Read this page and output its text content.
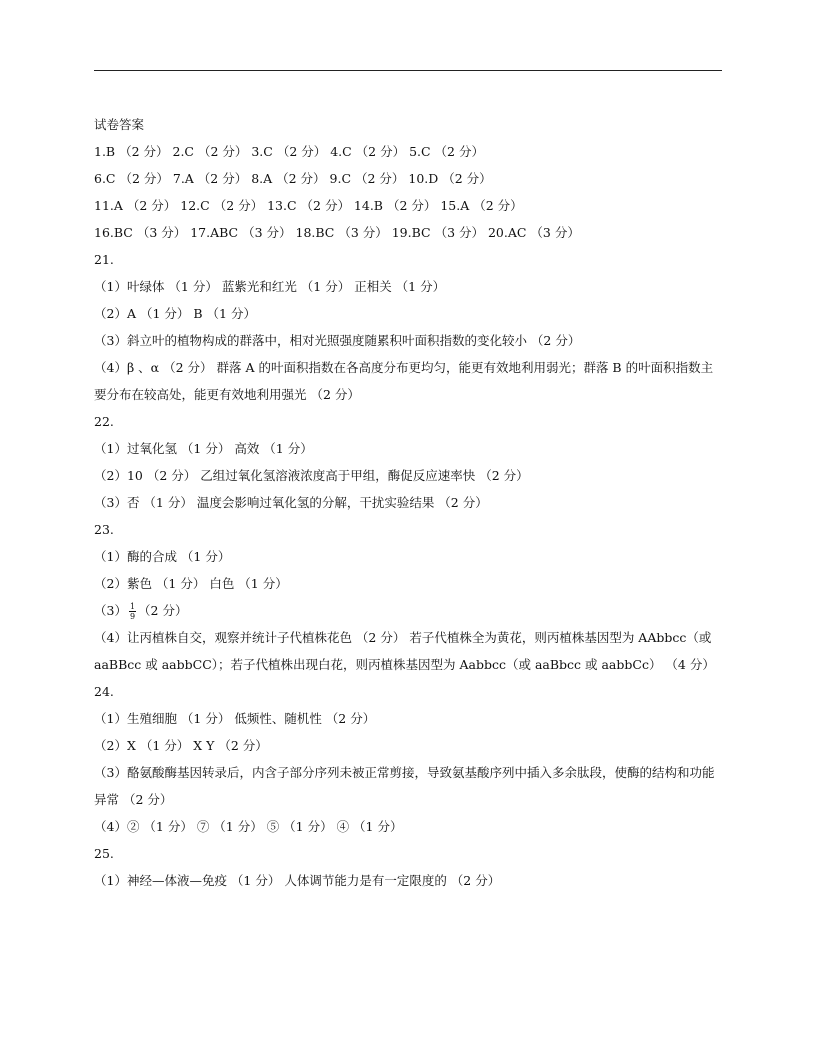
试卷答案
1.B （2 分） 2.C （2 分） 3.C （2 分） 4.C （2 分） 5.C （2 分）
6.C （2 分） 7.A （2 分） 8.A （2 分） 9.C （2 分） 10.D （2 分）
11.A （2 分） 12.C （2 分） 13.C （2 分） 14.B （2 分） 15.A （2 分）
16.BC （3 分） 17.ABC （3 分） 18.BC （3 分） 19.BC （3 分） 20.AC （3 分）
21.
（1）叶绿体 （1 分） 蓝紫光和红光 （1 分） 正相关 （1 分）
（2）A （1 分） B （1 分）
（3）斜立叶的植物构成的群落中，相对光照强度随累积叶面积指数的变化较小 （2 分）
（4）β 、α （2 分） 群落 A 的叶面积指数在各高度分布更均匀，能更有效地利用弱光；群落 B 的叶面积指数主要分布在较高处，能更有效地利用强光 （2 分）
22.
（1）过氧化氢 （1 分） 高效 （1 分）
（2）10 （2 分） 乙组过氧化氢溶液浓度高于甲组，酶促反应速率快 （2 分）
（3）否 （1 分） 温度会影响过氧化氢的分解，干扰实验结果 （2 分）
23.
（1）酶的合成 （1 分）
（2）紫色 （1 分） 白色 （1 分）
$(3) \frac{1}{9} (2$ 分）
（4）让丙植株自交，观察并统计子代植株花色 （2 分） 若子代植株全为黄花，则丙植株基因型为 AAbbcc（或 aaBBcc 或 aabbCC）；若子代植株出现白花，则丙植株基因型为 Aabbcc（或 aaBbcc 或 aabbCc） （4 分）
24.
（1）生殖细胞 （1 分） 低频性、随机性 （2 分）
（2）X （1 分） X Y （2 分）
（3）酪氨酸酶基因转录后，内含子部分序列未被正常剪接，导致氨基酸序列中插入多余肽段，使酶的结构和功能异常 （2 分）
（4）② （1 分） ⑦ （1 分） ⑤ （1 分） ④ （1 分）
25.
（1）神经—体液—免疫 （1 分） 人体调节能力是有一定限度的 （2 分）
